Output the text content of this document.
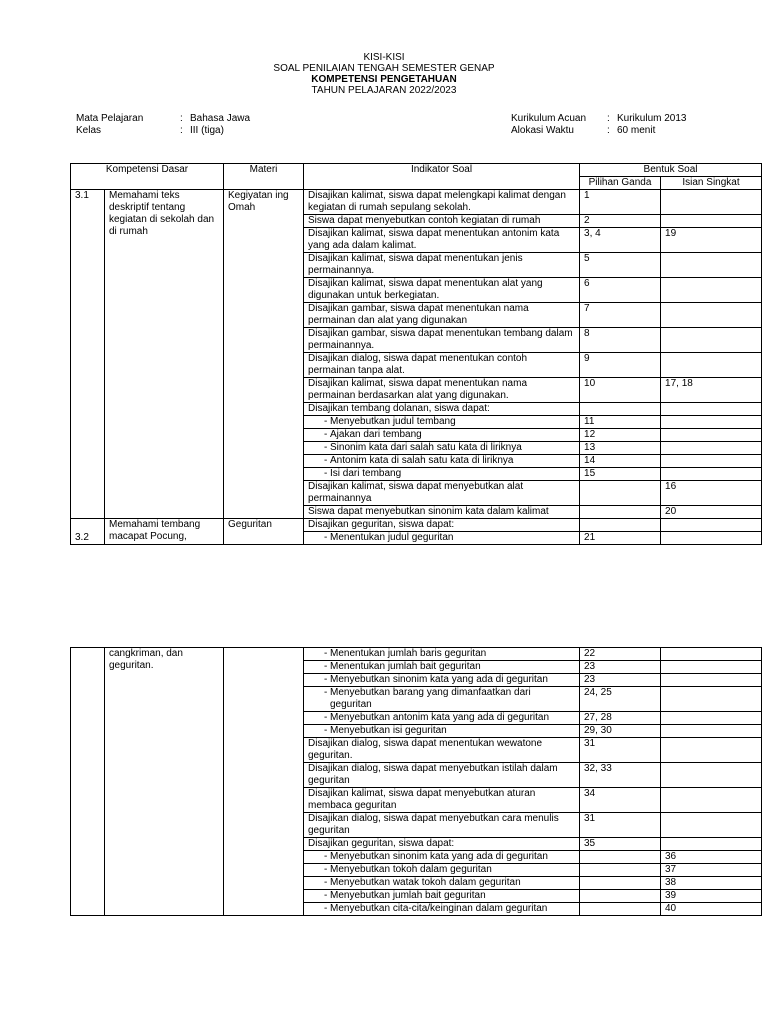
KISI-KISI
SOAL PENILAIAN TENGAH SEMESTER GENAP
KOMPETENSI PENGETAHUAN
TAHUN PELAJARAN 2022/2023
Mata Pelajaran	: Bahasa Jawa
Kelas	: III (tiga)
Kurikulum Acuan : Kurikulum 2013
Alokasi Waktu	: 60 menit
Kompetensi Dasar		Materi	Indikator Soal	Bentuk Soal	
				Pilihan Ganda	Isian Singkat
3.1	Memahami teks deskriptif tentang kegiatan di sekolah dan di rumah	Kegiyatan ing Omah	Disajikan kalimat, siswa dapat melengkapi kalimat dengan kegiatan di rumah sepulang sekolah.	1	
			Siswa dapat menyebutkan contoh kegiatan di rumah	2	
			Disajikan kalimat, siswa dapat menentukan antonim kata yang ada dalam kalimat.	3, 4	19
			Disajikan kalimat, siswa dapat menentukan jenis permainannya.	5	
			Disajikan kalimat, siswa dapat menentukan alat yang digunakan untuk berkegiatan.	6	
			Disajikan gambar, siswa dapat menentukan nama permainan dan alat yang digunakan	7	
			Disajikan gambar, siswa dapat menentukan tembang dalam permainannya.	8	
			Disajikan dialog, siswa dapat menentukan contoh permainan tanpa alat.	9	
			Disajikan kalimat, siswa dapat menentukan nama permainan berdasarkan alat yang digunakan.	10	17, 18
			Disajikan tembang dolanan, siswa dapat:		

			- Menyebutkan judul tembang	11	

			- Ajakan dari tembang	12	

			- Sinonim kata dari salah satu kata di liriknya	13	

			- Antonim kata di salah satu kata di liriknya	14	

			- Isi dari tembang	15	
			Disajikan kalimat, siswa dapat menyebutkan alat permainannya		16
			Siswa dapat menyebutkan sinonim kata dalam kalimat		20
3.2	Memahami tembang macapat Pocung,	Geguritan	Disajikan geguritan, siswa dapat:		

			- Menentukan judul geguritan	21	
	cangkriman, dan geguritan.		- Menentukan jumlah baris geguritan	22	

			- Menentukan jumlah bait geguritan	23	

			- Menyebutkan sinonim kata yang ada di geguritan	23	

			- Menyebutkan barang yang dimanfaatkan dari geguritan	24, 25	

			- Menyebutkan antonim kata yang ada di geguritan	27, 28	

			- Menyebutkan isi geguritan	29, 30	
			Disajikan dialog, siswa dapat menentukan wewatone geguritan.	31	
			Disajikan dialog, siswa dapat menyebutkan istilah dalam geguritan	32, 33	
			Disajikan kalimat, siswa dapat menyebutkan aturan membaca geguritan	34	
			Disajikan dialog, siswa dapat menyebutkan cara menulis geguritan	31	
			Disajikan geguritan, siswa dapat:	35	

			- Menyebutkan sinonim kata yang ada di geguritan		36

			- Menyebutkan tokoh dalam geguritan		37

			- Menyebutkan watak tokoh dalam geguritan		38

			- Menyebutkan jumlah bait geguritan		39

			- Menyebutkan cita-cita/keinginan dalam geguritan		40
